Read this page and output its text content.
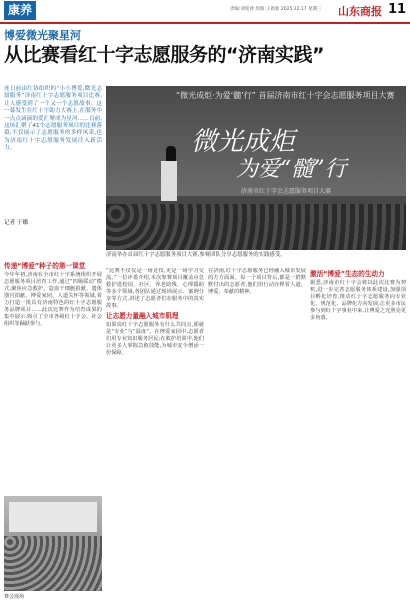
康养	责编:刘铭铎 组版:王新新 2025.12.17 星期三 山东商报 11
博爱微光聚星河
从比赛看红十字志愿服务的“济南实践”
连日前由红协组织的“小小博爱,微光志愿服务”济南红十字志愿服务项目比赛,让人感受到了一个又一个志愿故事。这一幕发生在红十字助力大赛上,在服务中一点点滴滴的爱汇聚成为星河……目前,这场汇聚了41个志愿服务项目的比赛落幕,不仅展示了志愿服务的多样风采,也为济南红十字志愿服务发展注入新活力。
记者 于娜
“微光成炬·为爱‘髓’行” 首届济南市红十字会志愿服务项目大赛
微光成炬
为爱“髓”行
济南市红十字会志愿服务项目大赛
济南举办首届红十字志愿服务项目大赛,参赛团队分享志愿服务的实践感受。
传递“博爱”种子的第一课堂
今年年初,济南在全市红十字系统组织开展志愿服务项目培育工作,通过“四级联动”模式,聚焦应急救护、造血干细胞捐献、遗体器官捐献、博爱家园、人道关怀等领域,着力打造一批具有济南特色的红十字志愿服务品牌项目……此次比赛作为培育成果的集中展示,吸引了全市各级红十字会、社会组织等踊跃参与。
“比赛不仅仅是一场竞技,更是一场学习交流。”一位评委介绍,本次参赛项目覆盖应急救护进校园、社区、养老助残、心理援助等多个领域,各团队通过现场展示、案例分享等方式,讲述了志愿者们在服务中的真实故事。
让志愿力量融入城市肌理
如果说红十字志愿服务有什么共同点,那就是“专业”与“温度”。在博爱家园中,志愿者们用专业知识服务居民;在救护培训中,他们让更多人掌握急救技能,为城市安全增添一份保障。
在济南,红十字志愿服务已经融入城市发展的方方面面。每一个项目背后,都是一群默默付出的志愿者,他们用行动诠释着人道、博爱、奉献的精神。
激活“博爱”生态的生动力
据悉,济南市红十字会将以此次比赛为契机,进一步完善志愿服务体系建设,加强项目孵化培育,推动红十字志愿服务向专业化、规范化、品牌化方向发展,让更多市民参与到红十字事业中来,让博爱之光照亮更多角落。
赛会现场
